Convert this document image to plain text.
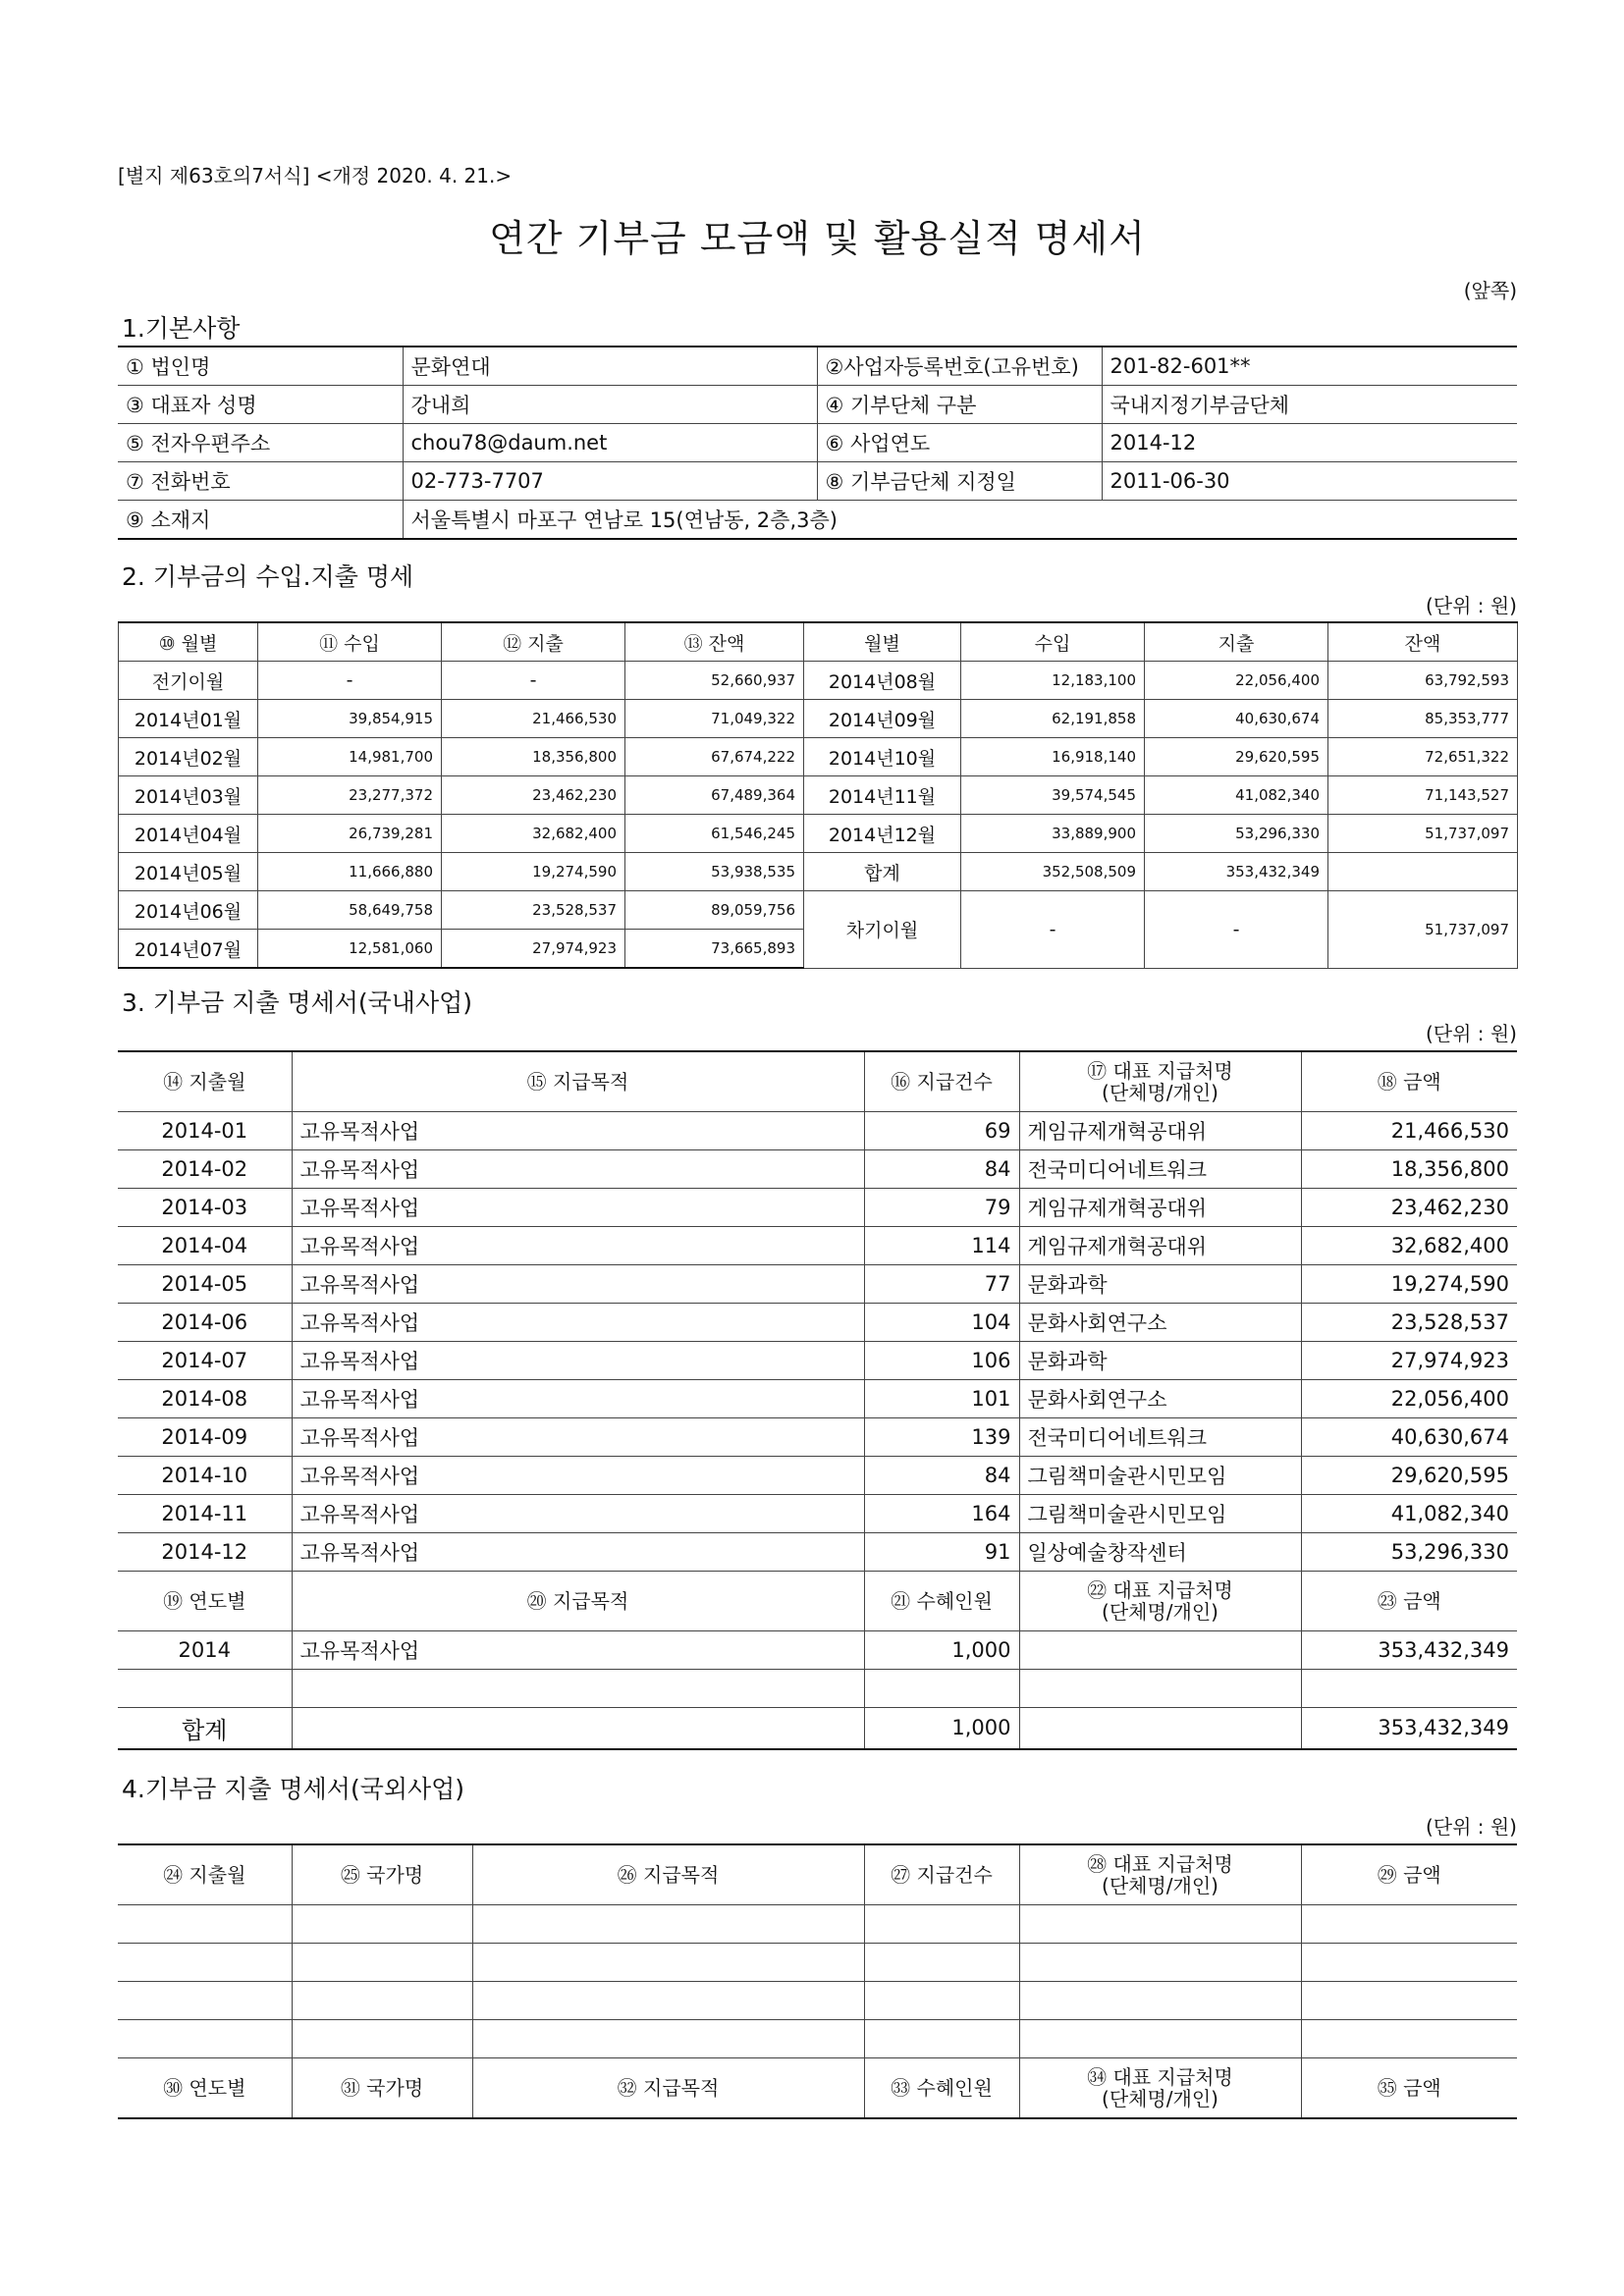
[별지 제63호의7서식] <개정 2020. 4. 21.>
연간 기부금 모금액 및 활용실적 명세서
(앞쪽)
1.기본사항
① 법인명	문화연대	②사업자등록번호(고유번호)	201-82-601**
③ 대표자 성명	강내희	④ 기부단체 구분	국내지정기부금단체
⑤ 전자우편주소	chou78@daum.net	⑥ 사업연도	2014-12
⑦ 전화번호	02-773-7707	⑧ 기부금단체 지정일	2011-06-30
⑨ 소재지	서울특별시 마포구 연남로 15(연남동, 2층,3층)		
2. 기부금의 수입.지출 명세
(단위 : 원)
⑩ 월별	⑪ 수입	⑫ 지출	⑬ 잔액	월별	수입	지출	잔액
전기이월	-	-	52,660,937	2014년08월	12,183,100	22,056,400	63,792,593
2014년01월	39,854,915	21,466,530	71,049,322	2014년09월	62,191,858	40,630,674	85,353,777
2014년02월	14,981,700	18,356,800	67,674,222	2014년10월	16,918,140	29,620,595	72,651,322
2014년03월	23,277,372	23,462,230	67,489,364	2014년11월	39,574,545	41,082,340	71,143,527
2014년04월	26,739,281	32,682,400	61,546,245	2014년12월	33,889,900	53,296,330	51,737,097
2014년05월	11,666,880	19,274,590	53,938,535	합계	352,508,509	353,432,349	
2014년06월	58,649,758	23,528,537	89,059,756	차기이월	-	-	51,737,097
2014년07월	12,581,060	27,974,923	73,665,893				
3. 기부금 지출 명세서(국내사업)
(단위 : 원)
⑭ 지출월	⑮ 지급목적	⑯ 지급건수	⑰ 대표 지급처명
(단체명/개인)	⑱ 금액
2014-01	고유목적사업	69	게임규제개혁공대위	21,466,530
2014-02	고유목적사업	84	전국미디어네트워크	18,356,800
2014-03	고유목적사업	79	게임규제개혁공대위	23,462,230
2014-04	고유목적사업	114	게임규제개혁공대위	32,682,400
2014-05	고유목적사업	77	문화과학	19,274,590
2014-06	고유목적사업	104	문화사회연구소	23,528,537
2014-07	고유목적사업	106	문화과학	27,974,923
2014-08	고유목적사업	101	문화사회연구소	22,056,400
2014-09	고유목적사업	139	전국미디어네트워크	40,630,674
2014-10	고유목적사업	84	그림책미술관시민모임	29,620,595
2014-11	고유목적사업	164	그림책미술관시민모임	41,082,340
2014-12	고유목적사업	91	일상예술창작센터	53,296,330
⑲ 연도별	⑳ 지급목적	㉑ 수혜인원	㉒ 대표 지급처명
(단체명/개인)	㉓ 금액
2014	고유목적사업	1,000		353,432,349

합계		1,000		353,432,349
4.기부금 지출 명세서(국외사업)
(단위 : 원)
㉔ 지출월	㉕ 국가명	㉖ 지급목적	㉗ 지급건수	㉘ 대표 지급처명
(단체명/개인)	㉙ 금액

㉚ 연도별	㉛ 국가명	㉜ 지급목적	㉝ 수혜인원	㉞ 대표 지급처명
(단체명/개인)	㉟ 금액
